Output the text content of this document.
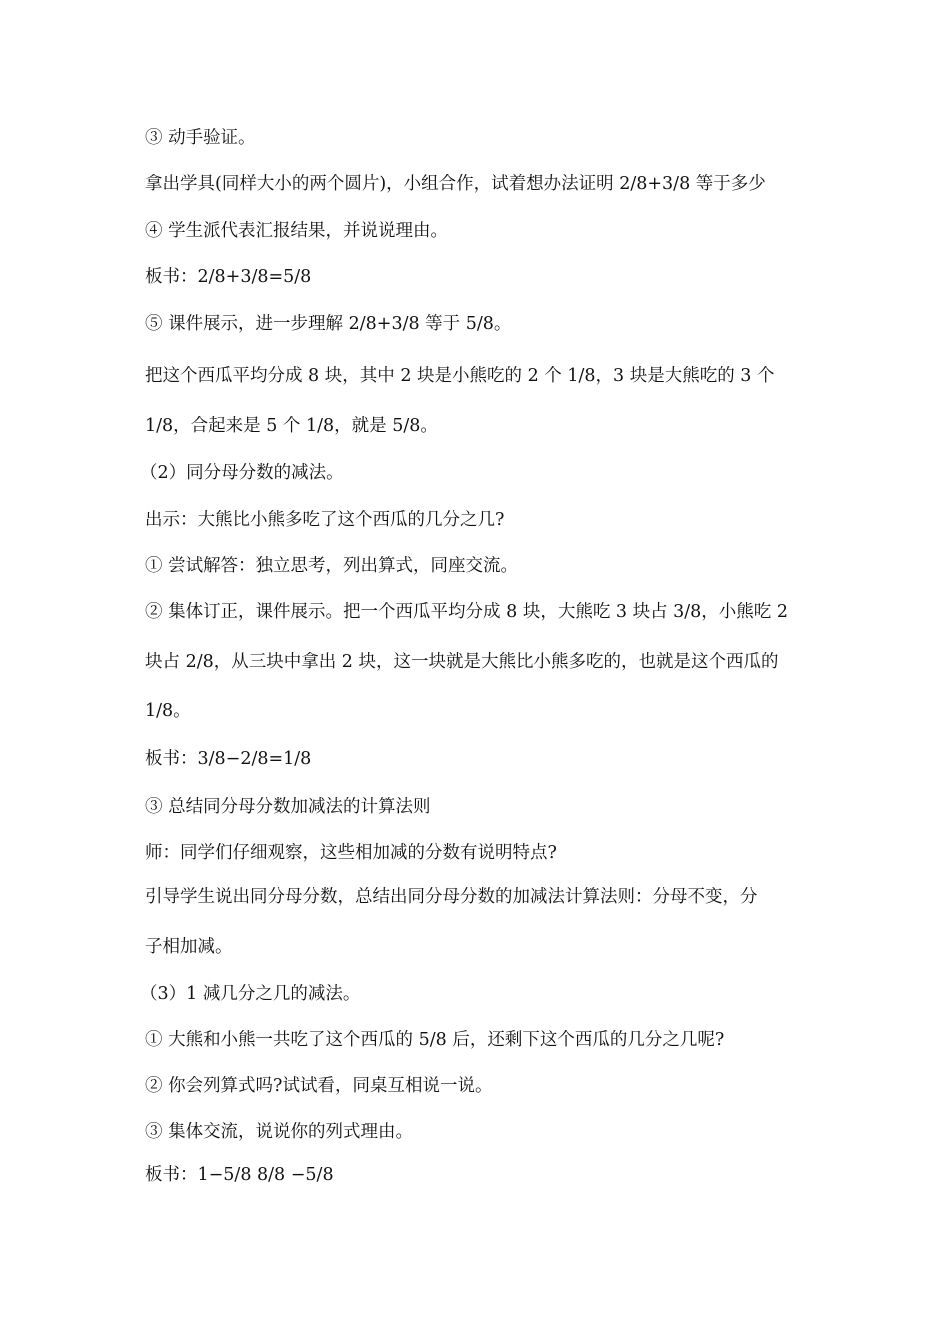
③ 动手验证。
拿出学具(同样大小的两个圆片)，小组合作，试着想办法证明 2/8+3/8 等于多少
④ 学生派代表汇报结果，并说说理由。
板书：2/8+3/8=5/8
⑤ 课件展示，进一步理解 2/8+3/8 等于 5/8。
把这个西瓜平均分成 8 块，其中 2 块是小熊吃的 2 个 1/8，3 块是大熊吃的 3 个
1/8，合起来是 5 个 1/8，就是 5/8。
（2）同分母分数的减法。
出示：大熊比小熊多吃了这个西瓜的几分之几?
① 尝试解答：独立思考，列出算式，同座交流。
② 集体订正，课件展示。把一个西瓜平均分成 8 块，大熊吃 3 块占 3/8，小熊吃 2
块占 2/8，从三块中拿出 2 块，这一块就是大熊比小熊多吃的，也就是这个西瓜的
1/8。
板书：3/8−2/8=1/8
③ 总结同分母分数加减法的计算法则
师：同学们仔细观察，这些相加减的分数有说明特点?
引导学生说出同分母分数，总结出同分母分数的加减法计算法则：分母不变，分
子相加减。
（3）1 减几分之几的减法。
① 大熊和小熊一共吃了这个西瓜的 5/8 后，还剩下这个西瓜的几分之几呢?
② 你会列算式吗?试试看，同桌互相说一说。
③ 集体交流，说说你的列式理由。
板书：1−5/8 8/8 −5/8
